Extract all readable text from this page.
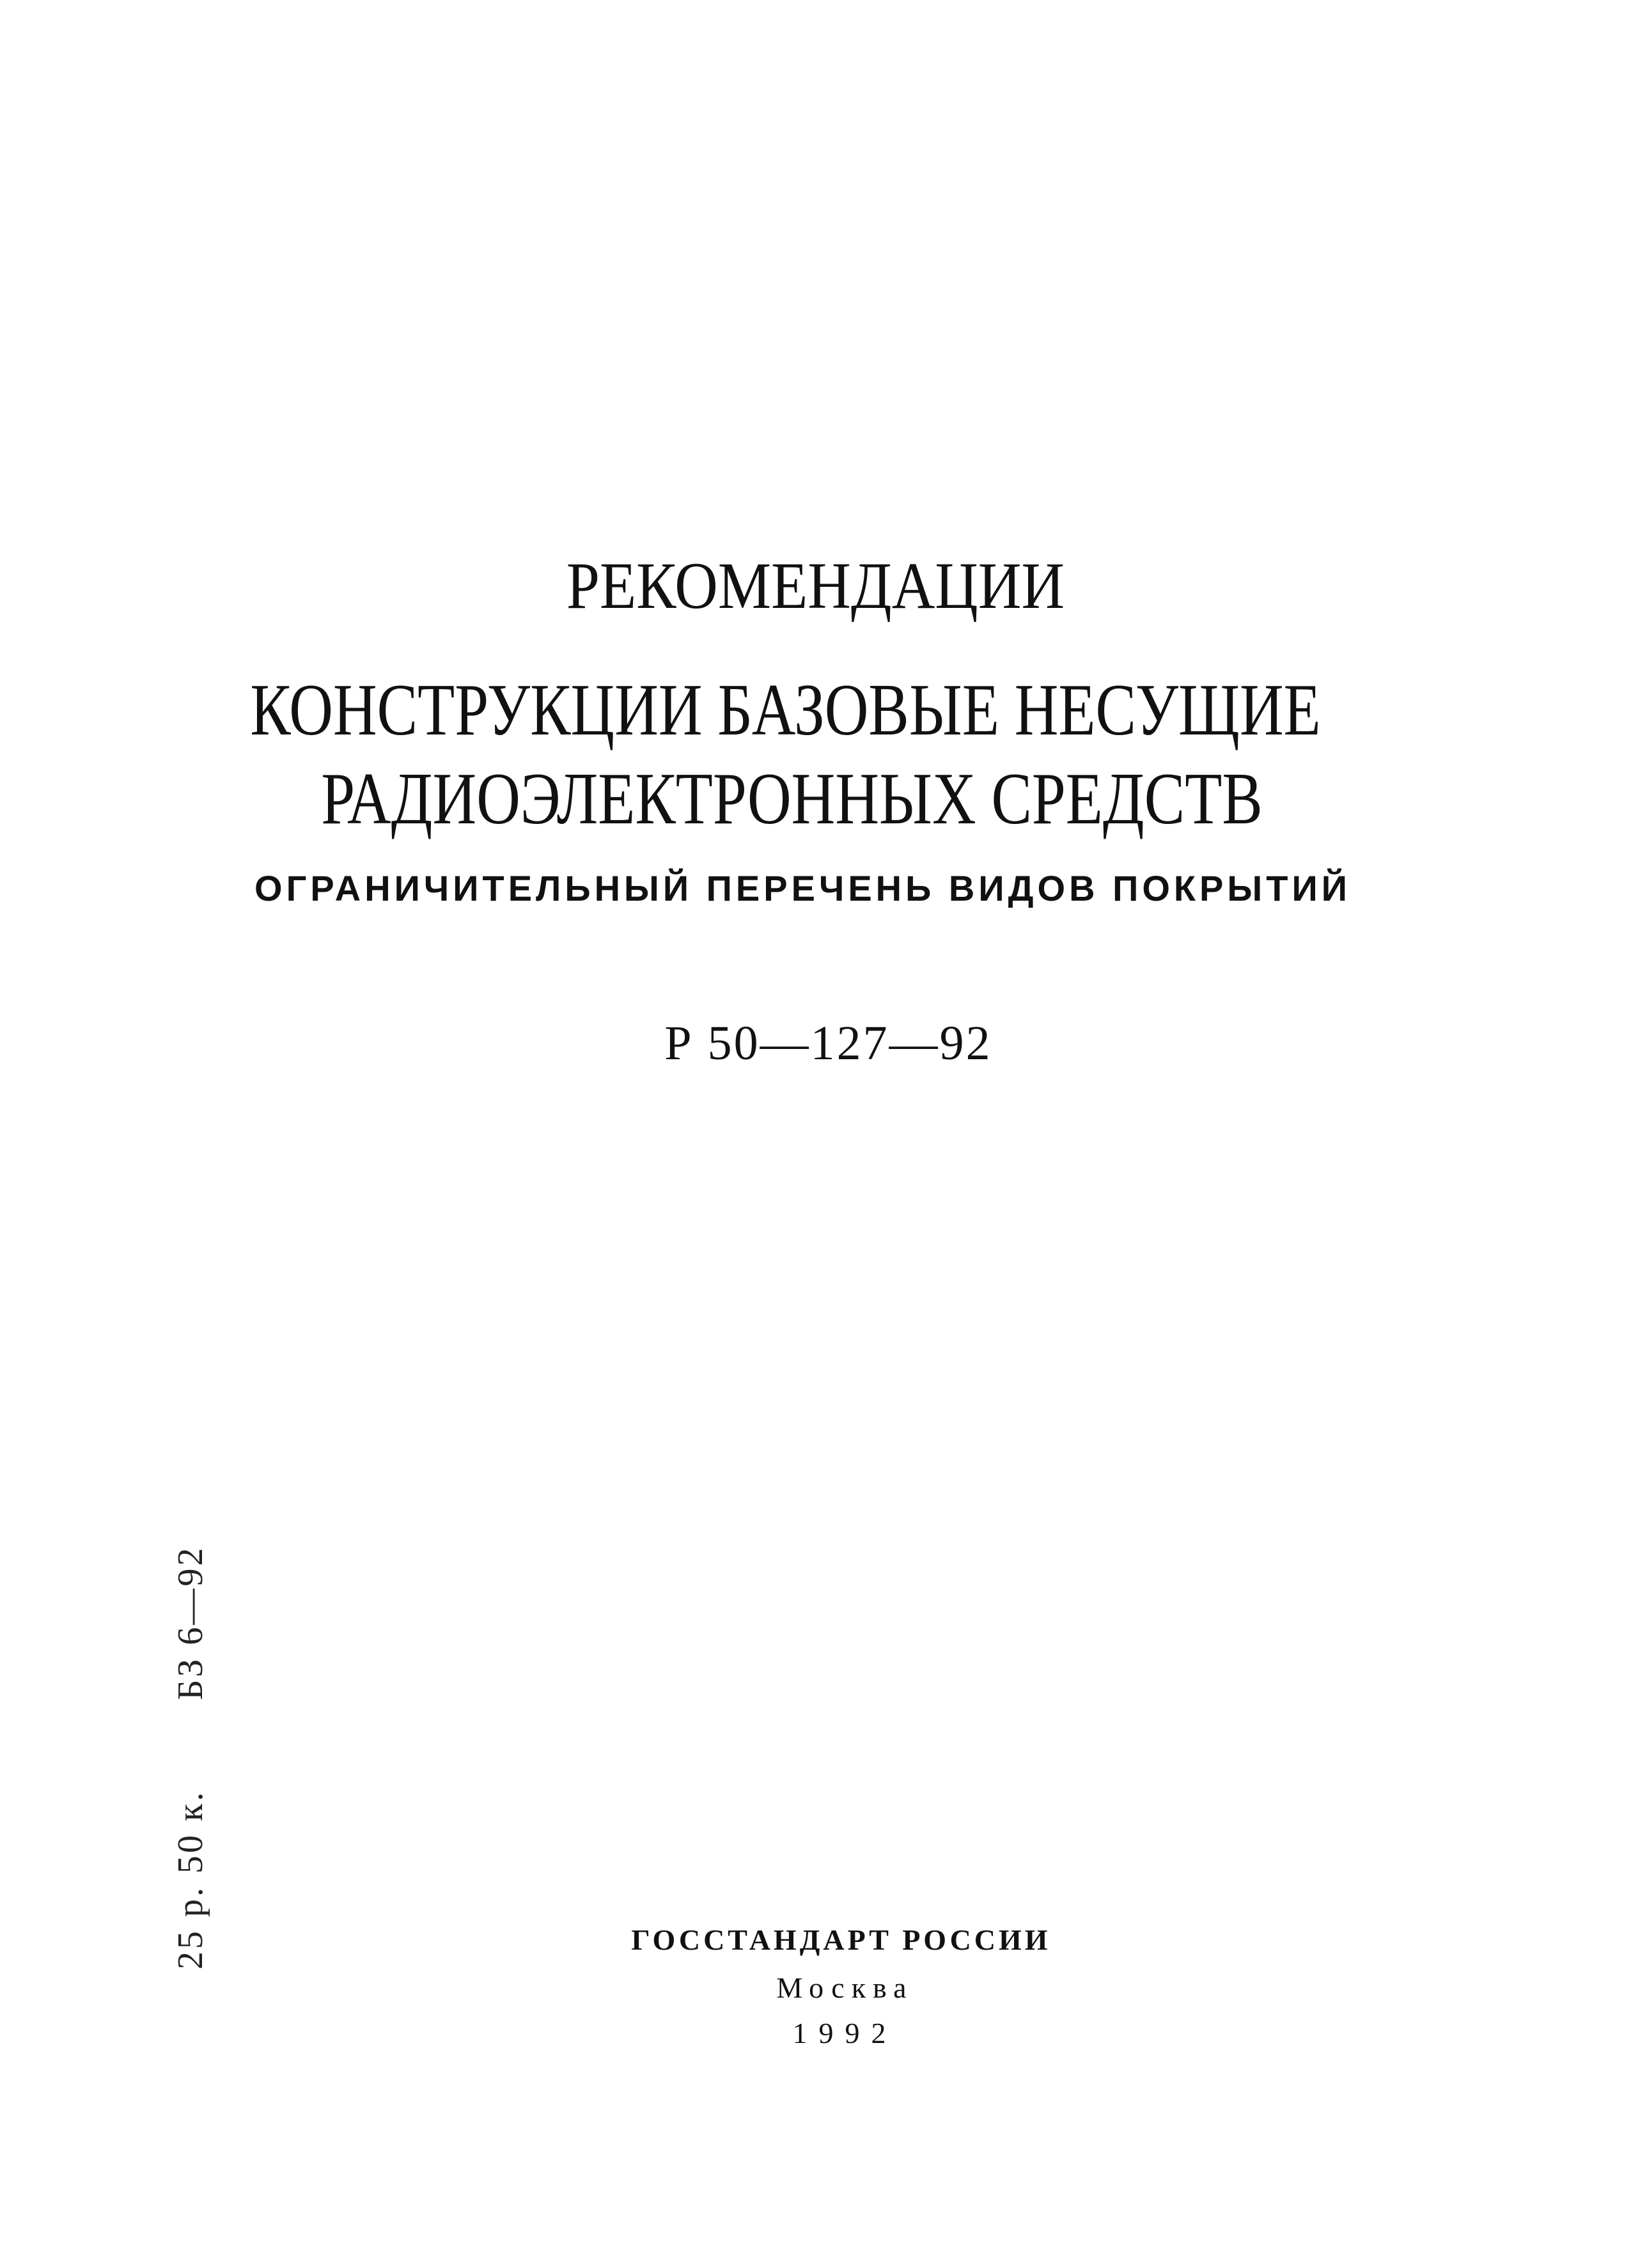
РЕКОМЕНДАЦИИ
КОНСТРУКЦИИ БАЗОВЫЕ НЕСУЩИЕ
РАДИОЭЛЕКТРОННЫХ СРЕДСТВ
ОГРАНИЧИТЕЛЬНЫЙ ПЕРЕЧЕНЬ ВИДОВ ПОКРЫТИЙ
Р 50—127—92
25 р. 50 к.БЗ 6—92
ГОССТАНДАРТ РОССИИ
Москва
1992
